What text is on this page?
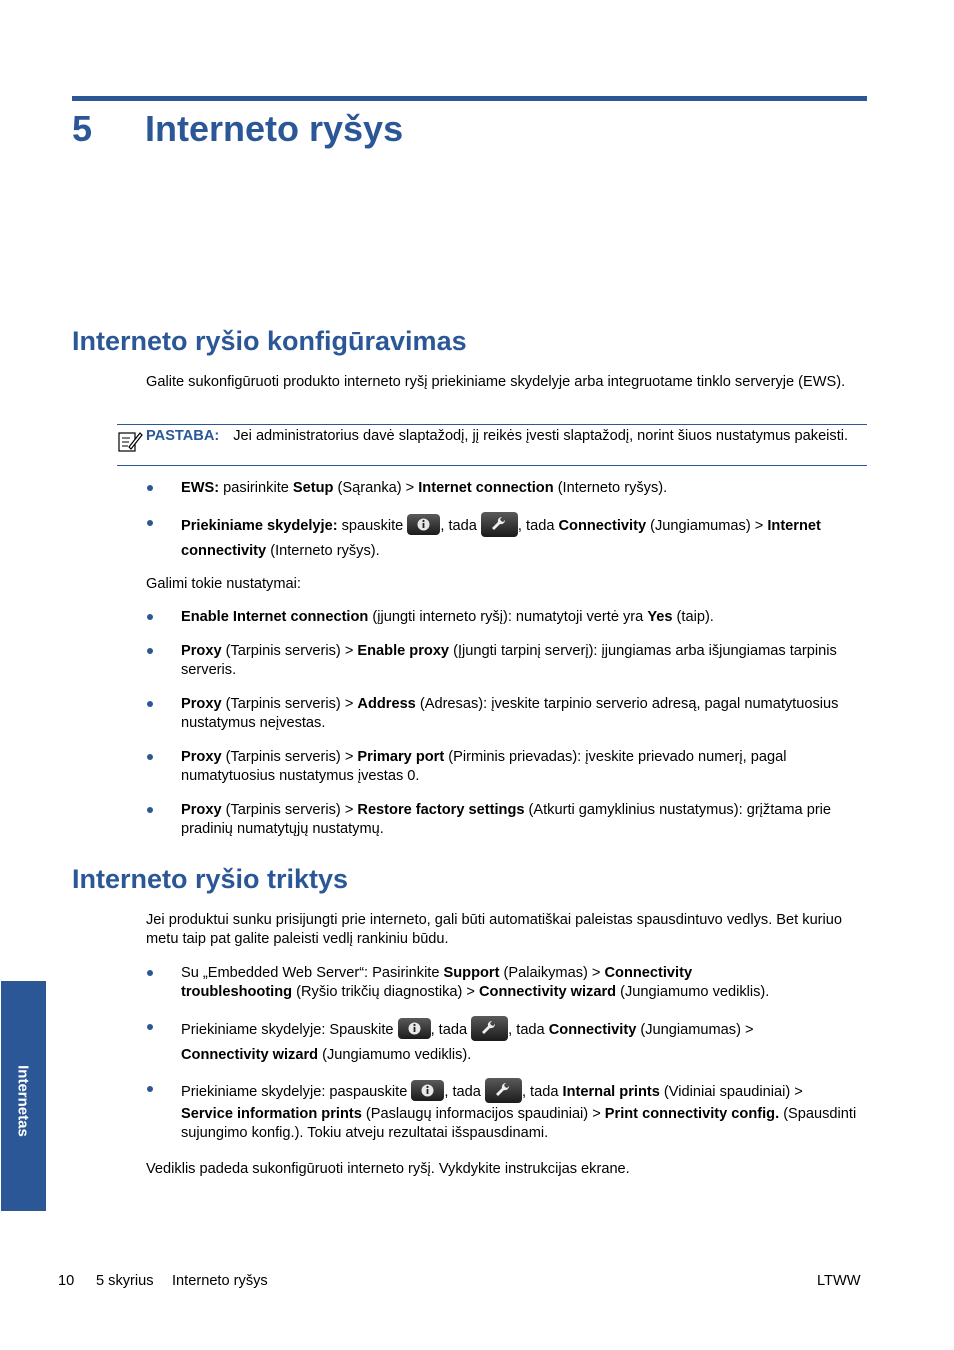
5 Interneto ryšys
Interneto ryšio konfigūravimas
Galite sukonfigūruoti produkto interneto ryšį priekiniame skydelyje arba integruotame tinklo serveryje (EWS).
PASTABA: Jei administratorius davė slaptažodį, jį reikės įvesti slaptažodį, norint šiuos nustatymus pakeisti.
EWS: pasirinkite Setup (Sąranka) > Internet connection (Interneto ryšys).
Priekiniame skydelyje: spauskite
, tada	, tada Connectivity (Jungiamumas) > Internet connectivity (Interneto ryšys).
Galimi tokie nustatymai:
Enable Internet connection (įjungti interneto ryšį): numatytoji vertė yra Yes (taip).
Proxy (Tarpinis serveris) > Enable proxy (Įjungti tarpinį serverį): įjungiamas arba išjungiamas tarpinis serveris.
Proxy (Tarpinis serveris) > Address (Adresas): įveskite tarpinio serverio adresą, pagal numatytuosius nustatymus neįvestas.
Proxy (Tarpinis serveris) > Primary port (Pirminis prievadas): įveskite prievado numerį, pagal numatytuosius nustatymus įvestas 0.
Proxy (Tarpinis serveris) > Restore factory settings (Atkurti gamyklinius nustatymus): grįžtama prie pradinių numatytųjų nustatymų.
Interneto ryšio triktys
Jei produktui sunku prisijungti prie interneto, gali būti automatiškai paleistas spausdintuvo vedlys. Bet kuriuo metu taip pat galite paleisti vedlį rankiniu būdu.
Su „Embedded Web Server“: Pasirinkite Support (Palaikymas) > Connectivity troubleshooting (Ryšio trikčių diagnostika) > Connectivity wizard (Jungiamumo vediklis).
Priekiniame skydelyje: Spauskite
, tada	, tada Connectivity (Jungiamumas) >
Connectivity wizard (Jungiamumo vediklis).
Priekiniame skydelyje: paspauskite
, tada	, tada Internal prints (Vidiniai spaudiniai) >
Service information prints (Paslaugų informacijos spaudiniai) > Print connectivity config. (Spausdinti sujungimo konfig.). Tokiu atveju rezultatai išspausdinami.
Vediklis padeda sukonfigūruoti interneto ryšį. Vykdykite instrukcijas ekrane.
Internetas
10 5 skyrius Interneto ryšys	LTWW
